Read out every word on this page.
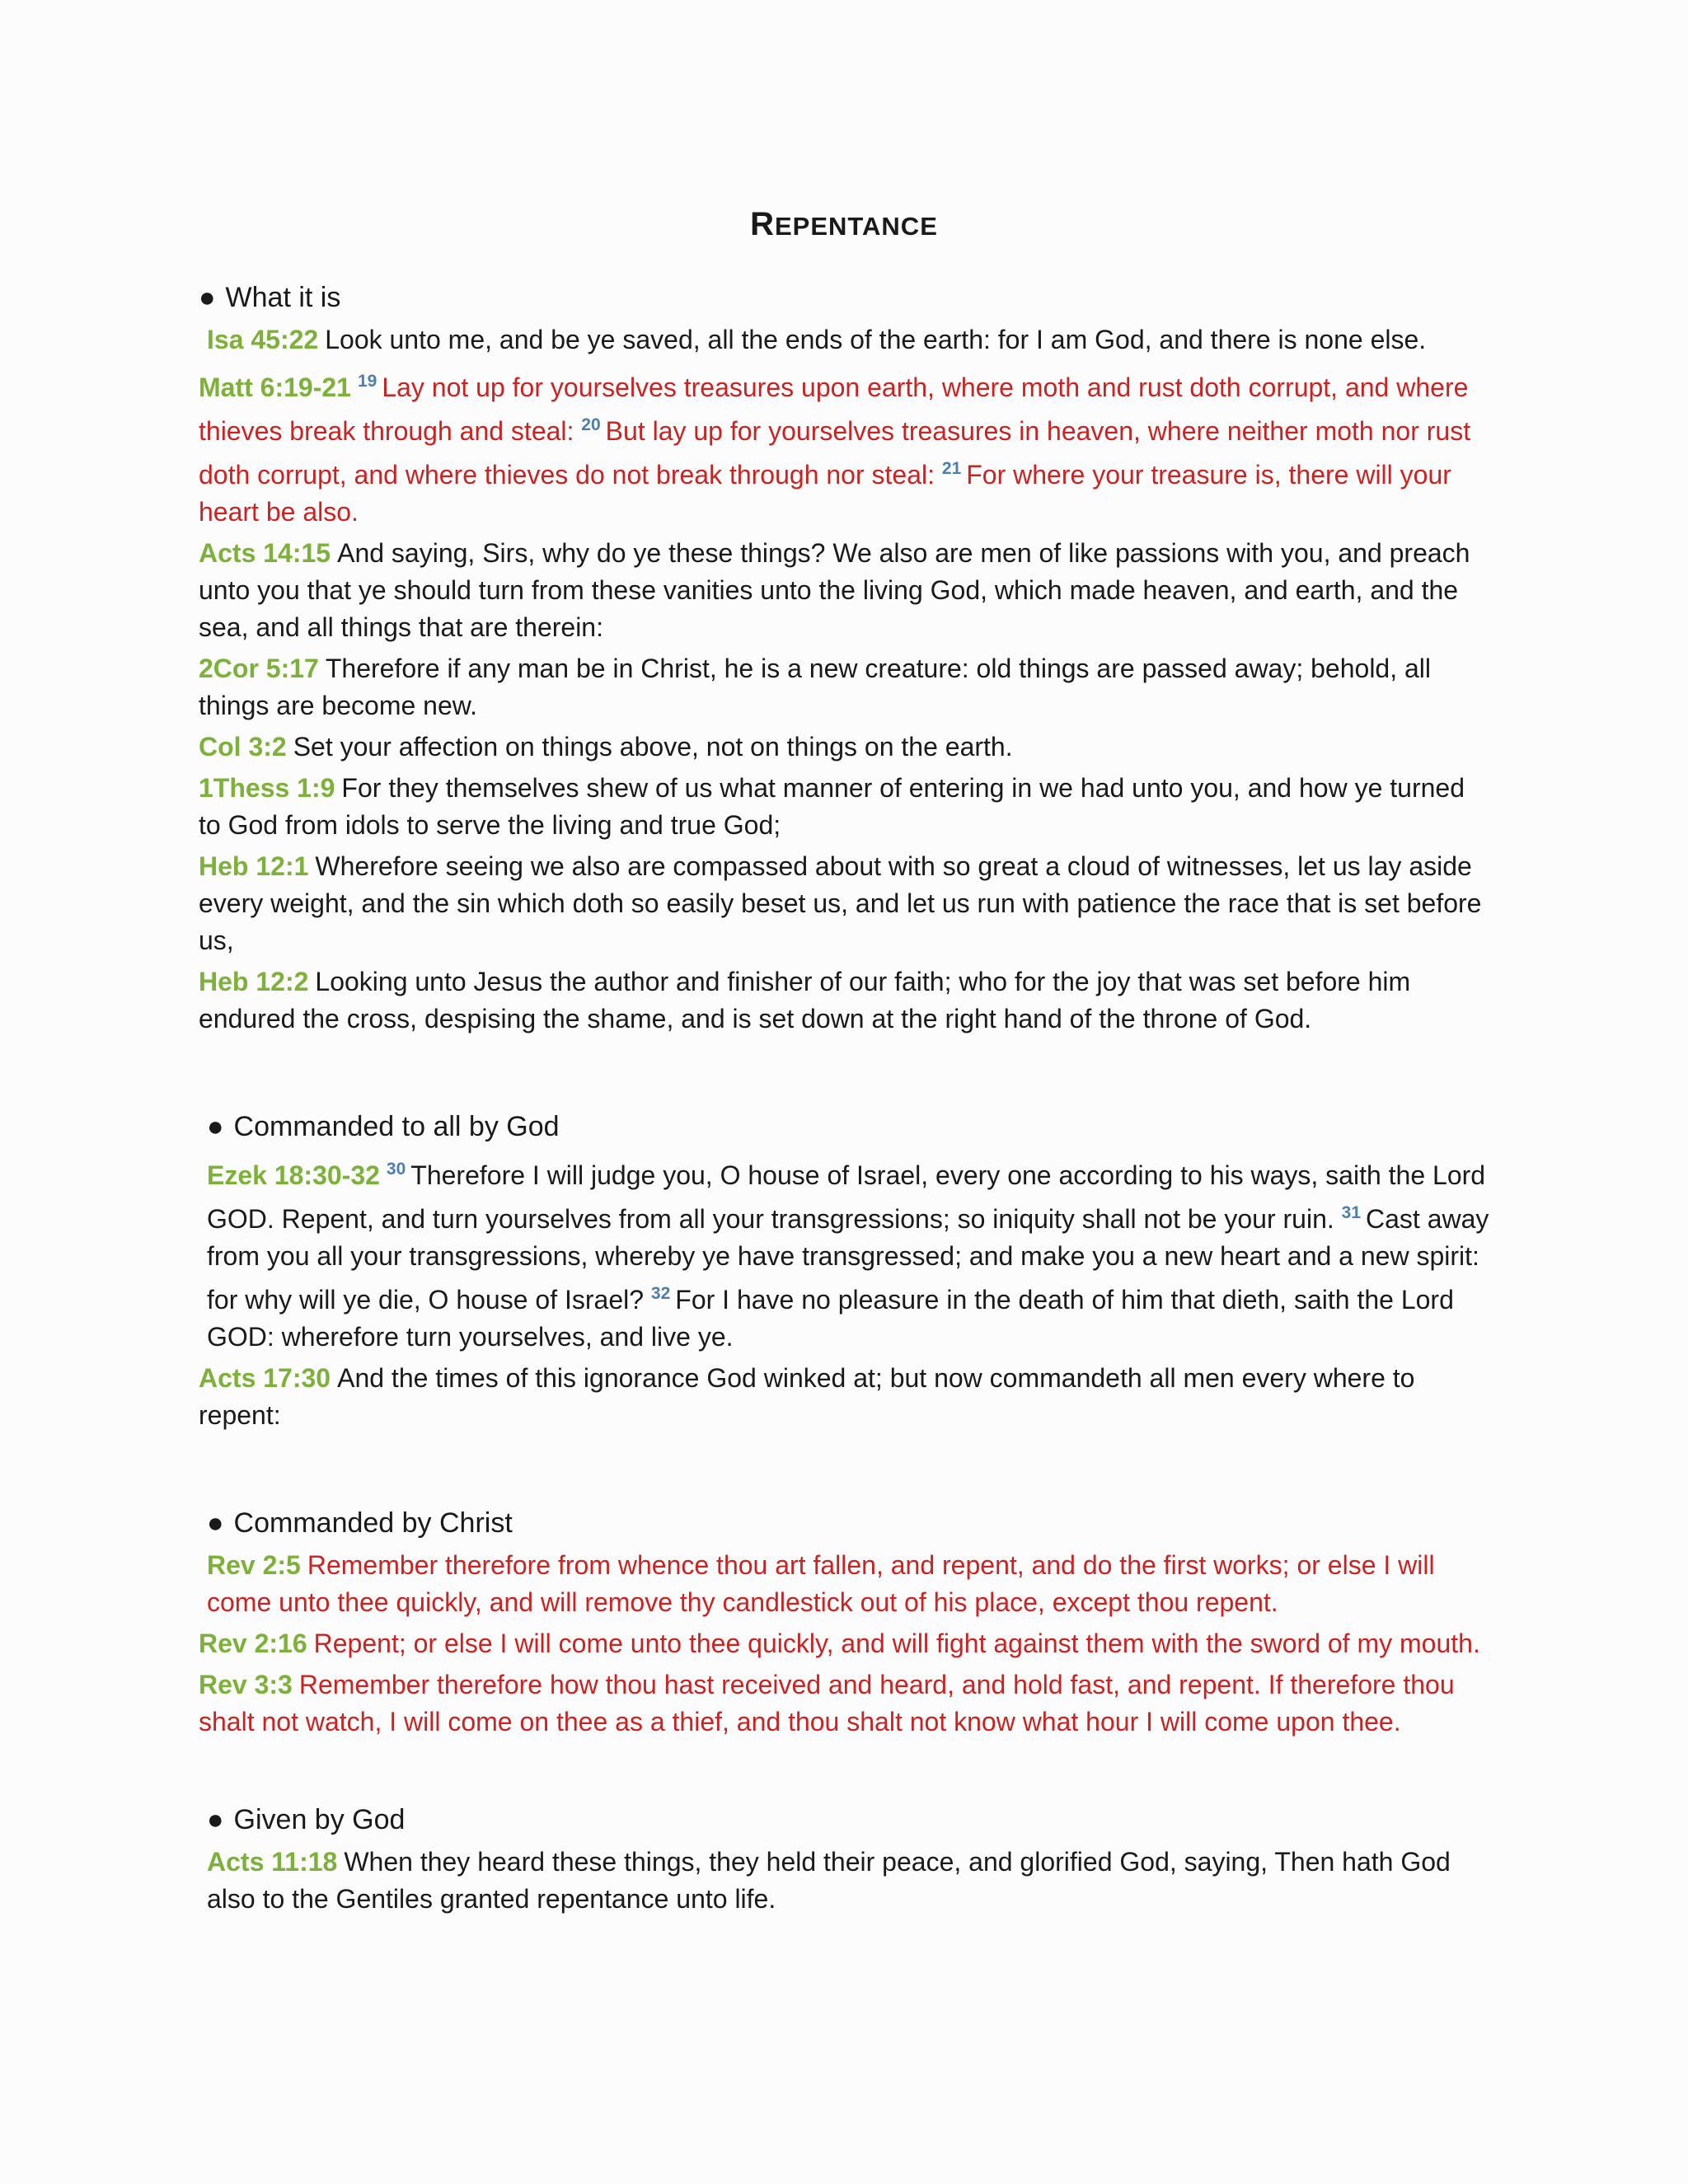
REPENTANCE
● What it is
Isa 45:22 Look unto me, and be ye saved, all the ends of the earth: for I am God, and there is none else.
Matt 6:19-21 $^{19}$ Lay not up for yourselves treasures upon earth, where moth and rust doth corrupt, and where thieves break through and steal: $^{20}$ But lay up for yourselves treasures in heaven, where neither moth nor rust doth corrupt, and where thieves do not break through nor steal: $^{21}$ For where your treasure is, there will your heart be also.
Acts 14:15 And saying, Sirs, why do ye these things? We also are men of like passions with you, and preach unto you that ye should turn from these vanities unto the living God, which made heaven, and earth, and the sea, and all things that are therein:
2Cor 5:17 Therefore if any man be in Christ, he is a new creature: old things are passed away; behold, all things are become new.
Col 3:2 Set your affection on things above, not on things on the earth.
1Thess 1:9 For they themselves shew of us what manner of entering in we had unto you, and how ye turned to God from idols to serve the living and true God;
Heb 12:1 Wherefore seeing we also are compassed about with so great a cloud of witnesses, let us lay aside every weight, and the sin which doth so easily beset us, and let us run with patience the race that is set before us,
Heb 12:2 Looking unto Jesus the author and finisher of our faith; who for the joy that was set before him endured the cross, despising the shame, and is set down at the right hand of the throne of God.
● Commanded to all by God
Ezek 18:30-32 $^{30}$ Therefore I will judge you, O house of Israel, every one according to his ways, saith the Lord GOD. Repent, and turn yourselves from all your transgressions; so iniquity shall not be your ruin. $^{31}$ Cast away from you all your transgressions, whereby ye have transgressed; and make you a new heart and a new spirit: for why will ye die, O house of Israel? $^{32}$ For I have no pleasure in the death of him that dieth, saith the Lord GOD: wherefore turn yourselves, and live ye.
Acts 17:30 And the times of this ignorance God winked at; but now commandeth all men every where to repent:
● Commanded by Christ
Rev 2:5 Remember therefore from whence thou art fallen, and repent, and do the first works; or else I will come unto thee quickly, and will remove thy candlestick out of his place, except thou repent.
Rev 2:16 Repent; or else I will come unto thee quickly, and will fight against them with the sword of my mouth.
Rev 3:3 Remember therefore how thou hast received and heard, and hold fast, and repent. If therefore thou shalt not watch, I will come on thee as a thief, and thou shalt not know what hour I will come upon thee.
● Given by God
Acts 11:18 When they heard these things, they held their peace, and glorified God, saying, Then hath God also to the Gentiles granted repentance unto life.
